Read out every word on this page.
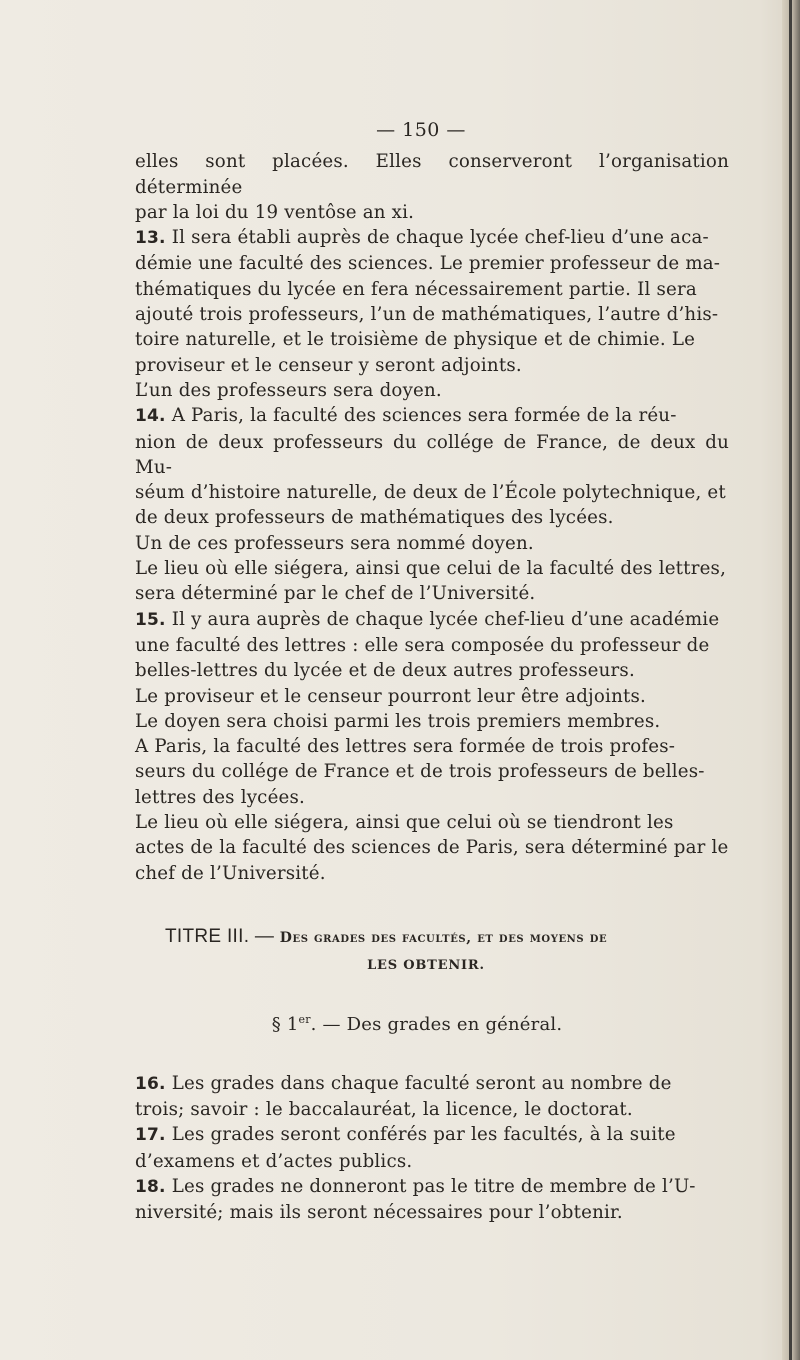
— 150 —

elles sont placées. Elles conserveront l’organisation déterminée
par la loi du 19 ventôse an xi.

13. Il sera établi auprès de chaque lycée chef-lieu d’une aca-
démie une faculté des sciences. Le premier professeur de ma-
thématiques du lycée en fera nécessairement partie. Il sera
ajouté trois professeurs, l’un de mathématiques, l’autre d’his-
toire naturelle, et le troisième de physique et de chimie. Le
proviseur et le censeur y seront adjoints.

L’un des professeurs sera doyen.

14. A Paris, la faculté des sciences sera formée de la réu-
nion de deux professeurs du collége de France, de deux du Mu-
séum d’histoire naturelle, de deux de l’École polytechnique, et
de deux professeurs de mathématiques des lycées.

Un de ces professeurs sera nommé doyen.

Le lieu où elle siégera, ainsi que celui de la faculté des lettres,
sera déterminé par le chef de l’Université.

15. Il y aura auprès de chaque lycée chef-lieu d’une académie
une faculté des lettres : elle sera composée du professeur de
belles-lettres du lycée et de deux autres professeurs.

Le proviseur et le censeur pourront leur être adjoints.

Le doyen sera choisi parmi les trois premiers membres.

A Paris, la faculté des lettres sera formée de trois profes-
seurs du collége de France et de trois professeurs de belles-
lettres des lycées.

Le lieu où elle siégera, ainsi que celui où se tiendront les
actes de la faculté des sciences de Paris, sera déterminé par le
chef de l’Université.

TITRE III. — Des grades des facultés, et des moyens de
LES OBTENIR.
§ 1er. — Des grades en général.

16. Les grades dans chaque faculté seront au nombre de
trois; savoir : le baccalauréat, la licence, le doctorat.

17. Les grades seront conférés par les facultés, à la suite
d’examens et d’actes publics.

18. Les grades ne donneront pas le titre de membre de l’U-
niversité; mais ils seront nécessaires pour l’obtenir.
